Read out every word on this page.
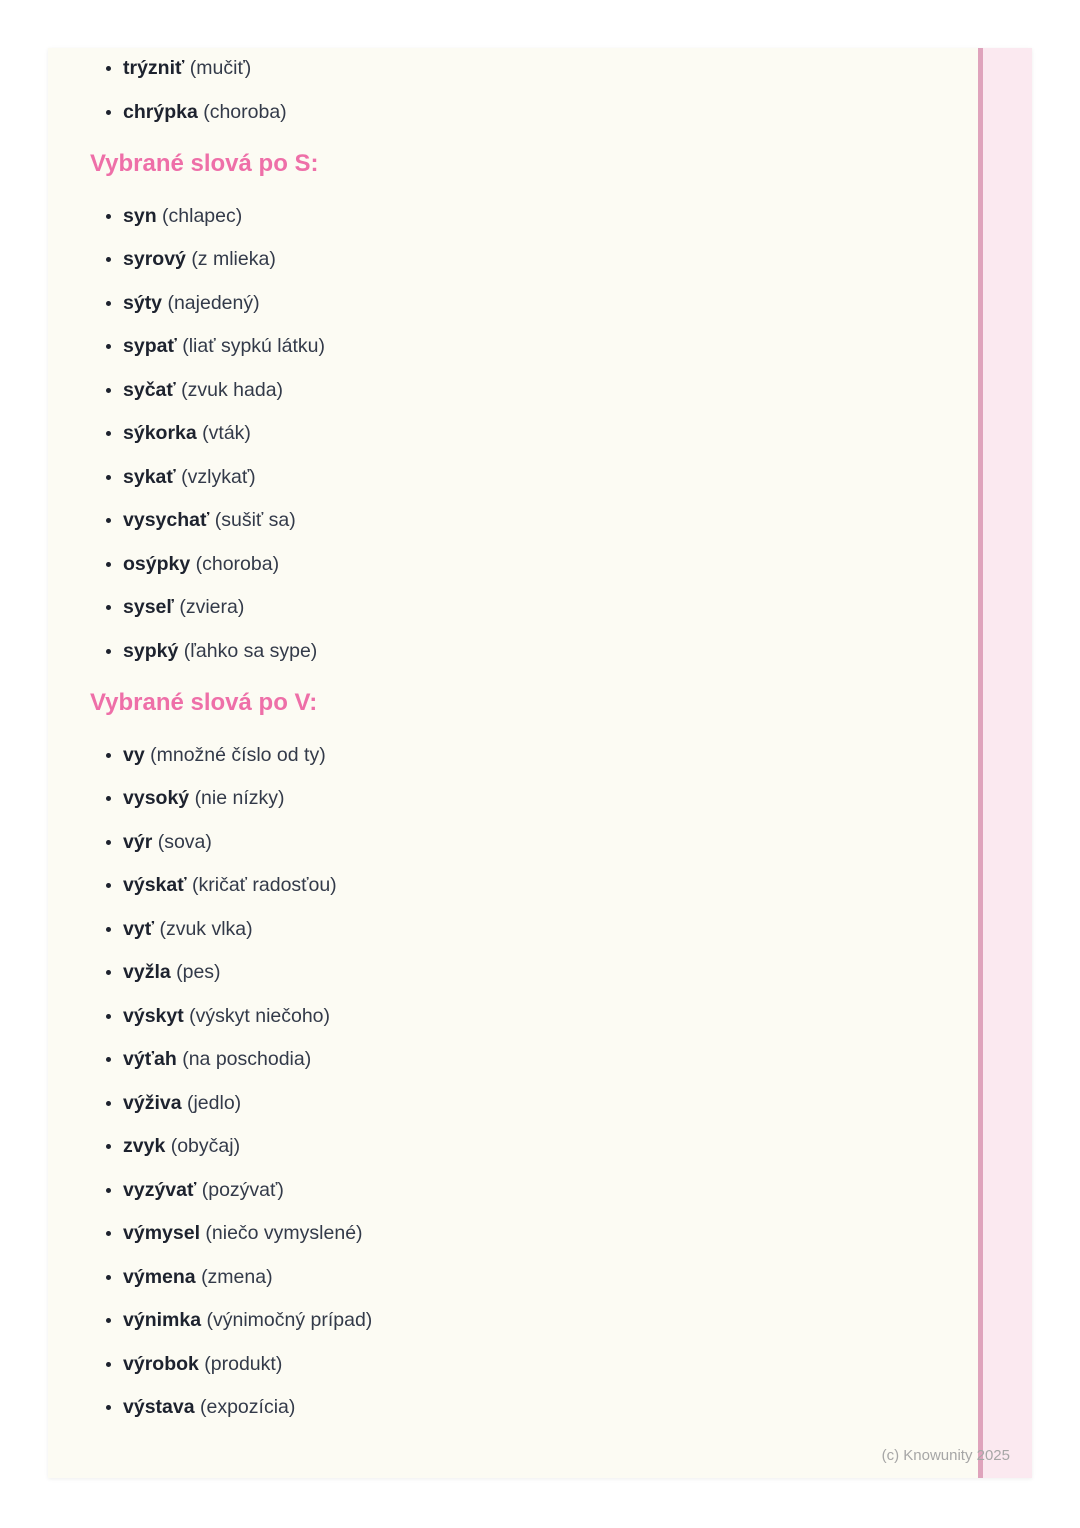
• trýzniť (mučiť)
• chrýpka (choroba)
Vybrané slová po S:
• syn (chlapec)
• syrový (z mlieka)
• sýty (najedený)
• sypať (liať sypkú látku)
• syčať (zvuk hada)
• sýkorka (vták)
• sykať (vzlykať)
• vysychať (sušiť sa)
• osýpky (choroba)
• syseľ (zviera)
• sypký (ľahko sa sype)
Vybrané slová po V:
• vy (množné číslo od ty)
• vysoký (nie nízky)
• výr (sova)
• výskať (kričať radosťou)
• vyť (zvuk vlka)
• vyžla (pes)
• výskyt (výskyt niečoho)
• výťah (na poschodia)
• výživa (jedlo)
• zvyk (obyčaj)
• vyzývať (pozývať)
• výmysel (niečo vymyslené)
• výmena (zmena)
• výnimka (výnimočný prípad)
• výrobok (produkt)
• výstava (expozícia)
(c) Knowunity 2025
